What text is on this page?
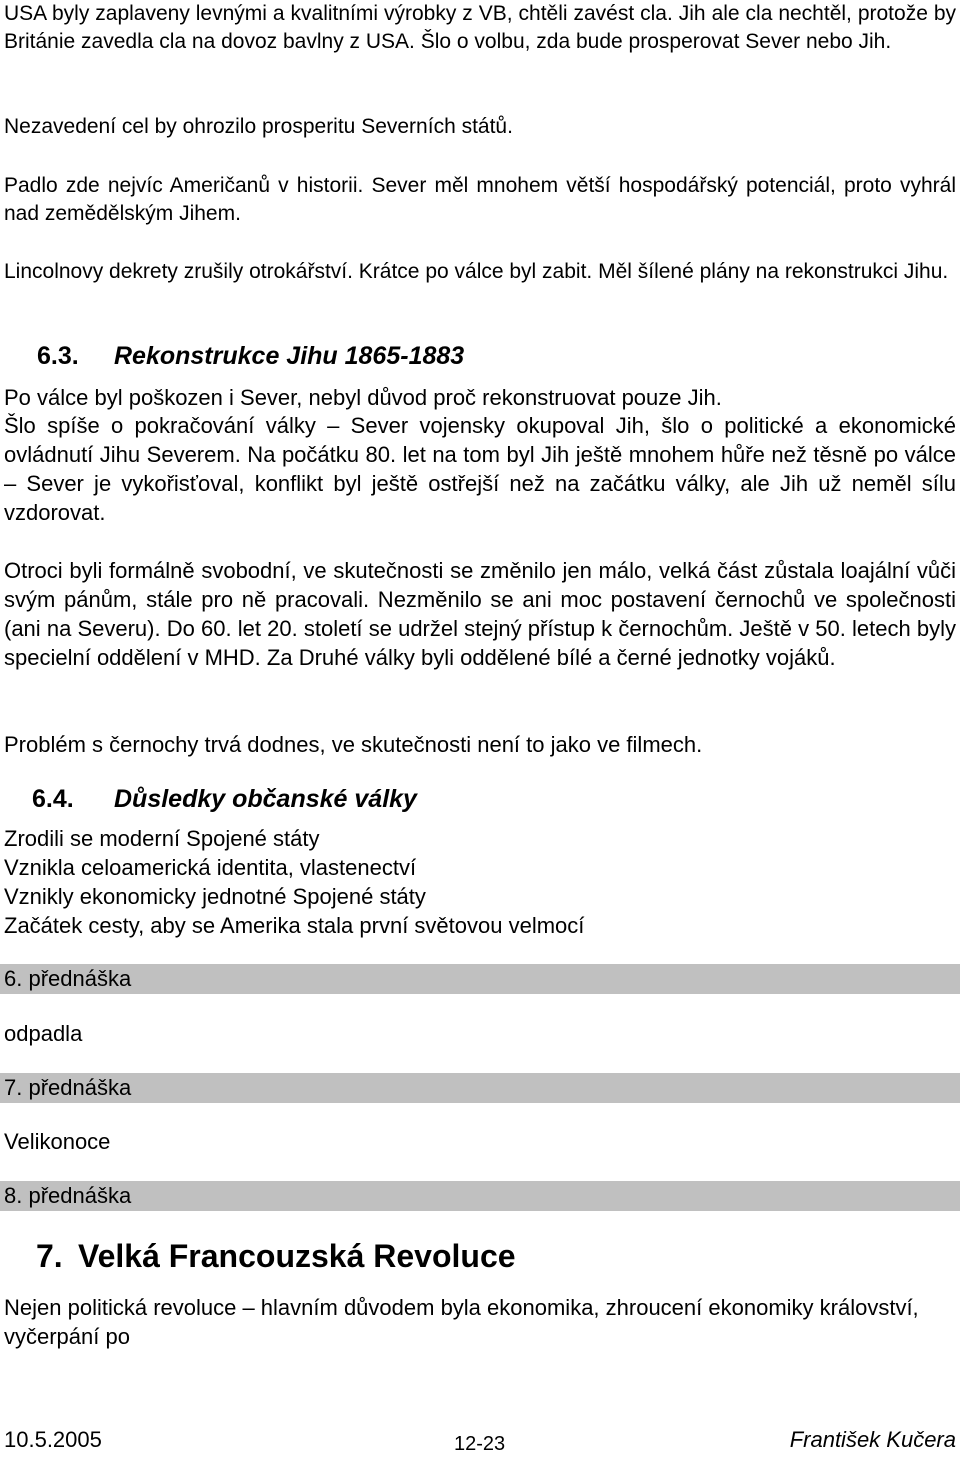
USA byly zaplaveny levnými a kvalitními výrobky z VB, chtěli zavést cla. Jih ale cla nechtěl, protože by Británie zavedla cla na dovoz bavlny z USA. Šlo o volbu, zda bude prosperovat Sever nebo Jih.

Nezavedení cel by ohrozilo prosperitu Severních států.

Padlo zde nejvíc Američanů v historii. Sever měl mnohem větší hospodářský potenciál, proto vyhrál nad zemědělským Jihem.

Lincolnovy dekrety zrušily otrokářství. Krátce po válce byl zabit. Měl šílené plány na rekonstrukci Jihu.

6.3. Rekonstrukce Jihu 1865-1883

Po válce byl poškozen i Sever, nebyl důvod proč rekonstruovat pouze Jih.

Šlo spíše o pokračování války – Sever vojensky okupoval Jih, šlo o politické a ekonomické ovládnutí Jihu Severem. Na počátku 80. let na tom byl Jih ještě mnohem hůře než těsně po válce – Sever je vykořisťoval, konflikt byl ještě ostřejší než na začátku války, ale Jih už neměl sílu vzdorovat.

Otroci byli formálně svobodní, ve skutečnosti se změnilo jen málo, velká část zůstala loajální vůči svým pánům, stále pro ně pracovali. Nezměnilo se ani moc postavení černochů ve společnosti (ani na Severu). Do 60. let 20. století se udržel stejný přístup k černochům. Ještě v 50. letech byly specielní oddělení v MHD. Za Druhé války byli oddělené bílé a černé jednotky vojáků.

Problém s černochy trvá dodnes, ve skutečnosti není to jako ve filmech.

6.4. Důsledky občanské války

Zrodili se moderní Spojené státy

Vznikla celoamerická identita, vlastenectví

Vznikly ekonomicky jednotné Spojené státy

Začátek cesty, aby se Amerika stala první světovou velmocí

6. přednáška

odpadla

7. přednáška

Velikonoce

8. přednáška
7. Velká Francouzská Revoluce

Nejen politická revoluce – hlavním důvodem byla ekonomika, zhroucení ekonomiky království, vyčerpání po

10.5.2005	12-23	František Kučera
